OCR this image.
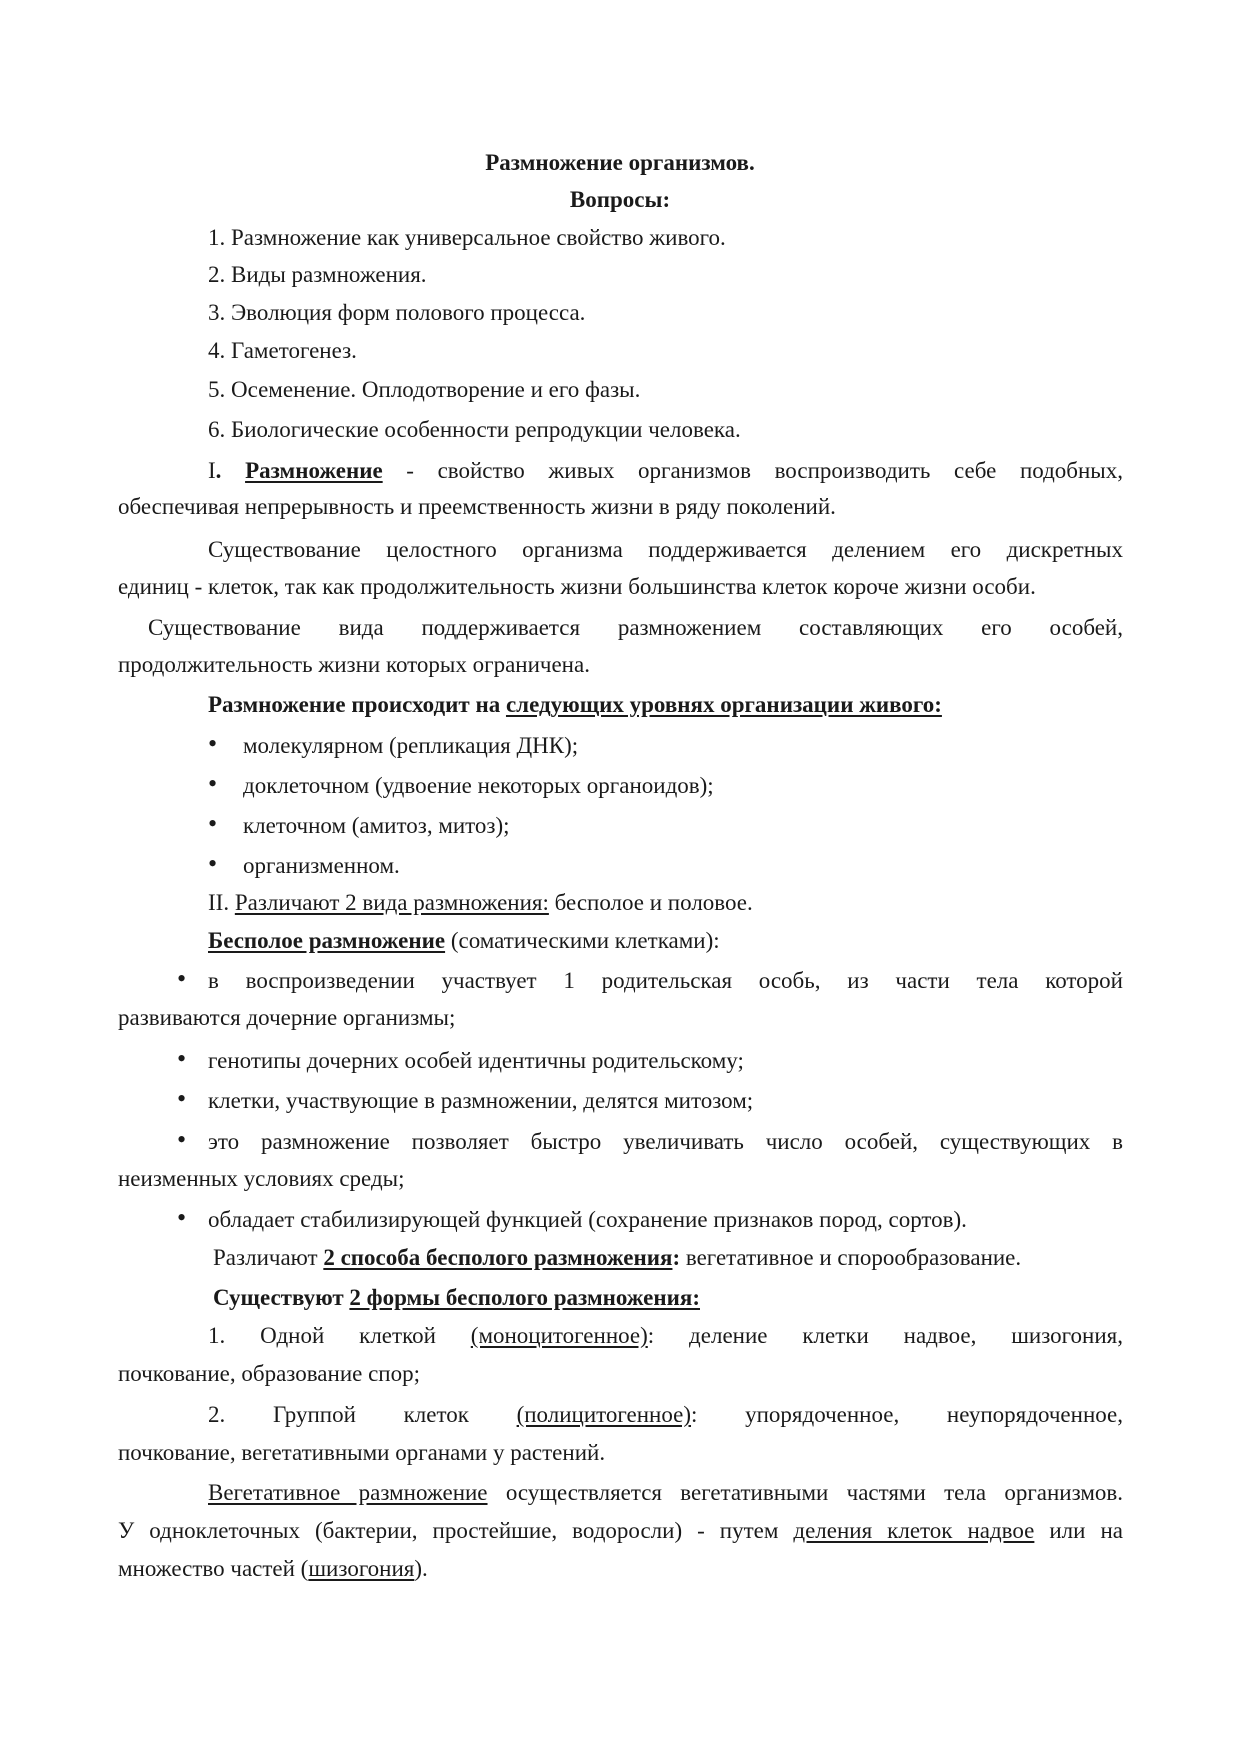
Размножение организмов.
Вопросы:
1. Размножение как универсальное свойство живого.
2. Виды размножения.
3. Эволюция форм полового процесса.
4. Гаметогенез.
5. Осеменение. Оплодотворение и его фазы.
6. Биологические особенности репродукции человека.
I. Размножение - свойство живых организмов воспроизводить себе подобных,
обеспечивая непрерывность и преемственность жизни в ряду поколений.
Существование целостного организма поддерживается делением его дискретных
единиц - клеток, так как продолжительность жизни большинства клеток короче жизни особи.
Существование вида поддерживается размножением составляющих его особей,
продолжительность жизни которых ограничена.
Размножение происходит на следующих уровнях организации живого:
• молекулярном (репликация ДНК);
• доклеточном (удвоение некоторых органоидов);
• клеточном (амитоз, митоз);
• организменном.
II. Различают 2 вида размножения: бесполое и половое.
Бесполое размножение (соматическими клетками):
• в воспроизведении участвует 1 родительская особь, из части тела которой
развиваются дочерние организмы;
• генотипы дочерних особей идентичны родительскому;
• клетки, участвующие в размножении, делятся митозом;
• это размножение позволяет быстро увеличивать число особей, существующих в
неизменных условиях среды;
• обладает стабилизирующей функцией (сохранение признаков пород, сортов).
Различают 2 способа бесполого размножения: вегетативное и спорообразование.
Существуют 2 формы бесполого размножения:
1. Одной клеткой (моноцитогенное): деление клетки надвое, шизогония,
почкование, образование спор;
2. Группой клеток (полицитогенное): упорядоченное, неупорядоченное,
почкование, вегетативными органами у растений.
Вегетативное размножение осуществляется вегетативными частями тела организмов.
У одноклеточных (бактерии, простейшие, водоросли) - путем деления клеток надвое или на
множество частей (шизогония).
